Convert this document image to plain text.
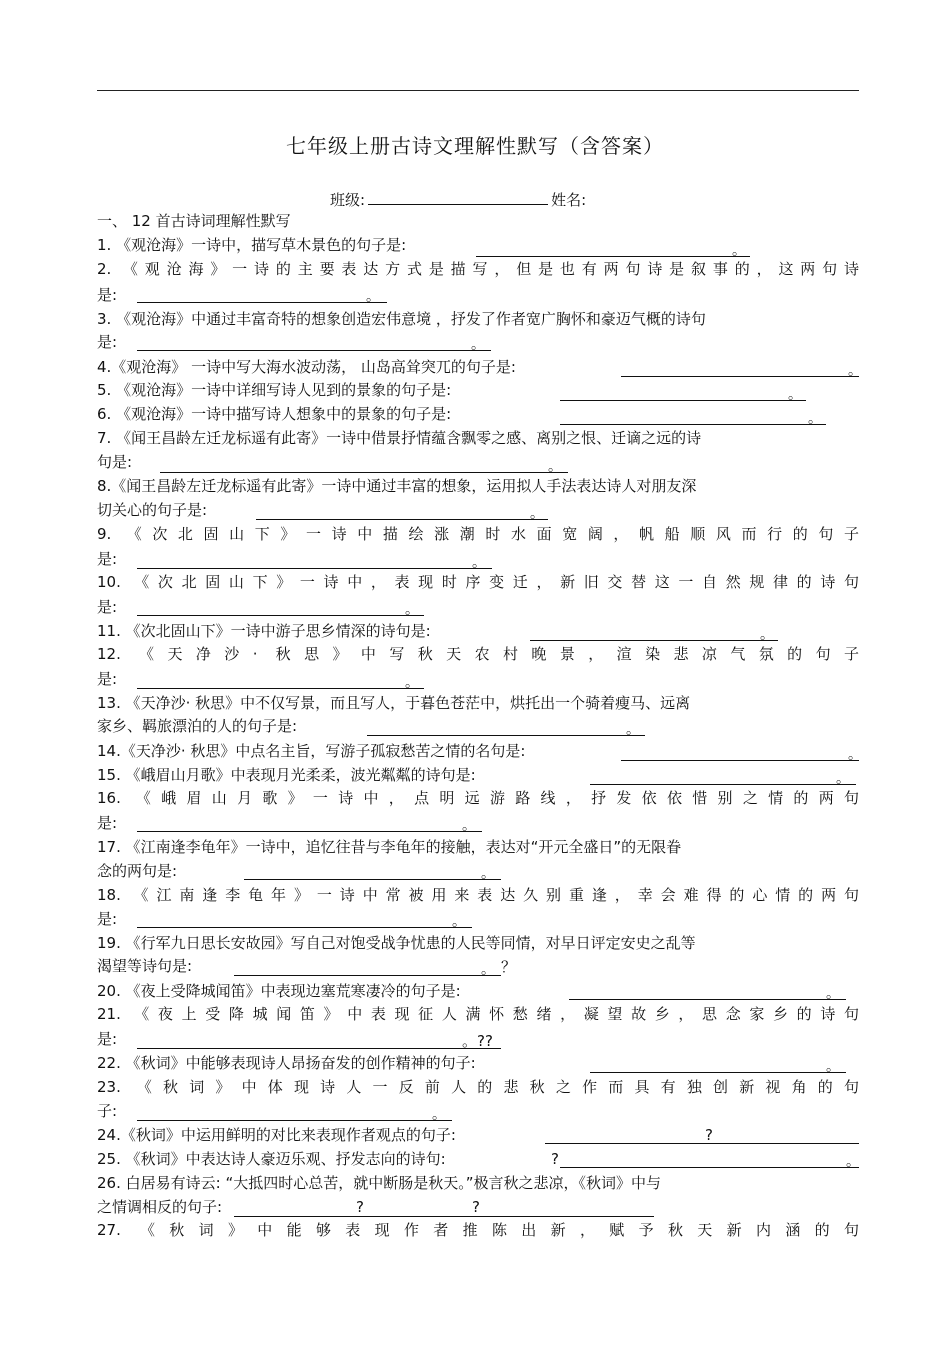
七年级上册古诗文理解性默写（含答案）
班级:	姓名:
一、 12 首古诗词理解性默写
1. 《观沧海》一诗中，描写草木景色的句子是:
2. 《观沧海》一诗的主要表达方式是描写，但是也有两句诗是叙事的，这两句诗
是:
3. 《观沧海》中通过丰富奇特的想象创造宏伟意境 ，抒发了作者宽广胸怀和豪迈气概的诗句
是:
4.《观沧海》 一诗中写大海水波动荡， 山岛高耸突兀的句子是:
5. 《观沧海》一诗中详细写诗人见到的景象的句子是:
6. 《观沧海》一诗中描写诗人想象中的景象的句子是:
7. 《闻王昌龄左迁龙标遥有此寄》一诗中借景抒情蕴含飘零之感、离别之恨、迁谪之远的诗
句是:
8.《闻王昌龄左迁龙标遥有此寄》一诗中通过丰富的想象，运用拟人手法表达诗人对朋友深
切关心的句子是:
9. 《次北固山下》一诗中描绘涨潮时水面宽阔，帆船顺风而行的句子
是:
10. 《次北固山下》一诗中，表现时序变迁，新旧交替这一自然规律的诗句
是:
11. 《次北固山下》一诗中游子思乡情深的诗句是:
12. 《天净沙· 秋思》中写秋天农村晚景，渲染悲凉气氛的句子
是:
13. 《天净沙· 秋思》中不仅写景，而且写人，于暮色苍茫中，烘托出一个骑着瘦马、远离
家乡、羁旅漂泊的人的句子是:
14.《天净沙· 秋思》中点名主旨，写游子孤寂愁苦之情的名句是:
15. 《峨眉山月歌》中表现月光柔柔，波光粼粼的诗句是:
16. 《峨眉山月歌》一诗中，点明远游路线，抒发依依惜别之情的两句
是:
17. 《江南逢李龟年》一诗中，追忆往昔与李龟年的接触，表达对“开元全盛日”的无限眷
念的两句是:
18. 《江南逢李龟年》一诗中常被用来表达久别重逢，幸会难得的心情的两句
是:
19. 《行军九日思长安故园》写自己对饱受战争忧患的人民等同情，对早日评定安史之乱等
渴望等诗句是:
20. 《夜上受降城闻笛》中表现边塞荒寒凄冷的句子是:
21. 《夜上受降城闻笛》中表现征人满怀愁绪，凝望故乡，思念家乡的诗句
是:
22. 《秋词》中能够表现诗人昂扬奋发的创作精神的句子:
23. 《秋词》中体现诗人一反前人的悲秋之作而具有独创新视角的句
子:
24.《秋词》中运用鲜明的对比来表现作者观点的句子:
25. 《秋词》中表达诗人豪迈乐观、抒发志向的诗句:
26. 白居易有诗云: “大抵四时心总苦，就中断肠是秋天。”极言秋之悲凉，《秋词》中与
之情调相反的句子:
27. 《秋词》中能够表现作者推陈出新，赋予秋天新内涵的句
。
。
。
。
。
。
。
。
。
。
。
。
。
。
。
。
。
。
。 ？
。
。??
。
。
?
?	。
?	?
